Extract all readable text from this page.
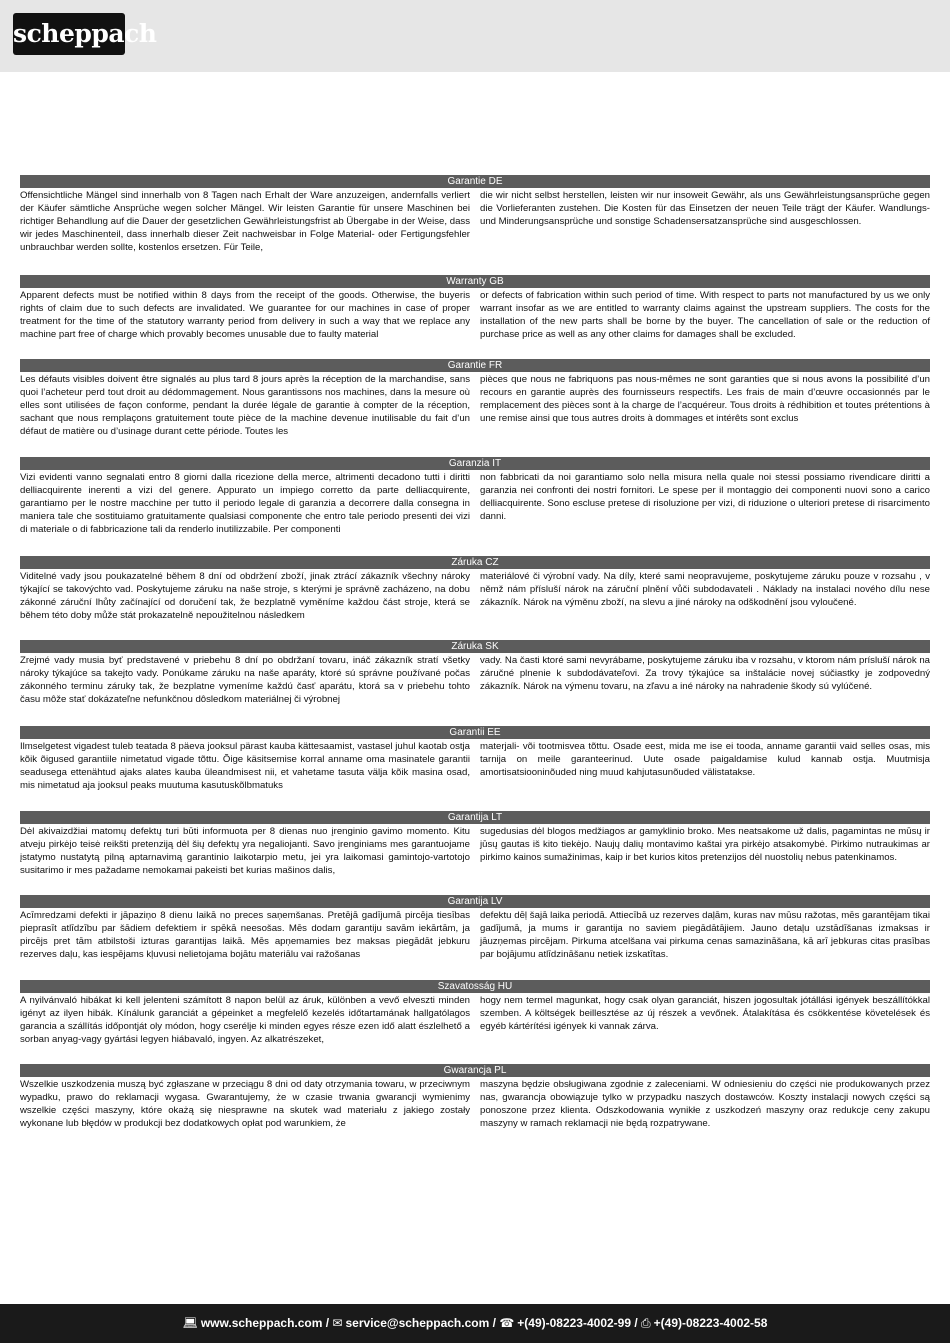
scheppach
Garantie DE

Offensichtliche Mängel sind innerhalb von 8 Tagen nach Erhalt der Ware anzuzeigen, andernfalls verliert der Käufer sämtliche Ansprüche wegen solcher Mängel. Wir leisten Garantie für unsere Maschinen bei richtiger Behandlung auf die Dauer der gesetzlichen Gewährleistungsfrist ab Übergabe in der Weise, dass wir jedes Maschinenteil, dass innerhalb dieser Zeit nachweisbar in Folge Material- oder Fertigungsfehler unbrauchbar werden sollte, kostenlos ersetzen. Für Teile,

die wir nicht selbst herstellen, leisten wir nur insoweit Gewähr, als uns Gewährleistungsansprüche gegen die Vorlieferanten zustehen. Die Kosten für das Einsetzen der neuen Teile trägt der Käufer. Wandlungs- und Minderungsansprüche und sonstige Schadensersatzansprüche sind ausgeschlossen.

Warranty GB

Apparent defects must be notified within 8 days from the receipt of the goods. Otherwise, the buyeris rights of claim due to such defects are invalidated. We guarantee for our machines in case of proper treatment for the time of the statutory warranty period from delivery in such a way that we replace any machine part free of charge which provably becomes unusable due to faulty material

or defects of fabrication within such period of time. With respect to parts not manufactured by us we only warrant insofar as we are entitled to warranty claims against the upstream suppliers. The costs for the installation of the new parts shall be borne by the buyer. The cancellation of sale or the reduction of purchase price as well as any other claims for damages shall be excluded.

Garantie FR

Les défauts visibles doivent être signalés au plus tard 8 jours après la réception de la marchandise, sans quoi l’acheteur perd tout droit au dédommagement. Nous garantissons nos machines, dans la mesure où elles sont utilisées de façon conforme, pendant la durée légale de garantie à compter de la réception, sachant que nous remplaçons gratuitement toute pièce de la machine devenue inutilisable du fait d’un défaut de matière ou d’usinage durant cette période. Toutes les

pièces que nous ne fabriquons pas nous-mêmes ne sont garanties que si nous avons la possibilité d’un recours en garantie auprès des fournisseurs respectifs. Les frais de main d’œuvre occasionnés par le remplacement des pièces sont à la charge de l’acquéreur. Tous droits à rédhibition et toutes prétentions à une remise ainsi que tous autres droits à dommages et intérêts sont exclus

Garanzia IT

Vizi evidenti vanno segnalati entro 8 giorni dalla ricezione della merce, altrimenti decadono tutti i diritti delliacquirente inerenti a vizi del genere. Appurato un impiego corretto da parte delliacquirente, garantiamo per le nostre macchine per tutto il periodo legale di garanzia a decorrere dalla consegna in maniera tale che sostituiamo gratuitamente qualsiasi componente che entro tale periodo presenti dei vizi di materiale o di fabbricazione tali da renderlo inutilizzabile. Per componenti

non fabbricati da noi garantiamo solo nella misura nella quale noi stessi possiamo rivendicare diritti a garanzia nei confronti dei nostri fornitori. Le spese per il montaggio dei componenti nuovi sono a carico delliacquirente. Sono escluse pretese di risoluzione per vizi, di riduzione o ulteriori pretese di risarcimento danni.

Záruka CZ

Viditelné vady jsou poukazatelné během 8 dní od obdržení zboží, jinak ztrácí zákazník všechny nároky týkající se takovýchto vad. Poskytujeme záruku na naše stroje, s kterými je správně zacházeno, na dobu zákonné záruční lhůty začínající od doručení tak, že bezplatně vyměníme každou část stroje, která se během této doby může stát prokazatelně nepoužitelnou následkem

materiálové či výrobní vady. Na díly, které sami neopravujeme, poskytujeme záruku pouze v rozsahu , v němž nám přísluší nárok na záruční plnění vůči subdodavateli . Náklady na instalaci nového dílu nese zákazník. Nárok na výměnu zboží, na slevu a jiné nároky na odškodnění jsou vyloučené.

Záruka SK

Zrejmé vady musia byť predstavené v priebehu 8 dní po obdržaní tovaru, ináč zákazník stratí všetky nároky týkajúce sa takejto vady. Ponúkame záruku na naše aparáty, ktoré sú správne používané počas zákonného terminu záruky tak, že bezplatne vymeníme každú časť aparátu, ktorá sa v priebehu tohto času môže stať dokázateľne nefunkčnou dôsledkom materiálnej či výrobnej

vady. Na časti ktoré sami nevyrábame, poskytujeme záruku iba v rozsahu, v ktorom nám prísluší nárok na záručné plnenie k subdodávateľovi. Za trovy týkajúce sa inštalácie novej súčiastky je zodpovedný zákazník. Nárok na výmenu tovaru, na zľavu a iné nároky na nahradenie škody sú vylúčené.

Garantii EE

Ilmselgetest vigadest tuleb teatada 8 päeva jooksul pärast kauba kättesaamist, vastasel juhul kaotab ostja kõik õigused garantiile nimetatud vigade tõttu. Õige käsitsemise korral anname oma masinatele garantii seadusega ettenähtud ajaks alates kauba üleandmisest nii, et vahetame tasuta välja kõik masina osad, mis nimetatud aja jooksul peaks muutuma kasutuskõlbmatuks

materjali- või tootmisvea tõttu. Osade eest, mida me ise ei tooda, anname garantii vaid selles osas, mis tarnija on meile garanteerinud. Uute osade paigaldamise kulud kannab ostja. Muutmisja amortisatsiooninõuded ning muud kahjutasunõuded välistatakse.

Garantija LT

Dėl akivaizdžiai matomų defektų turi būti informuota per 8 dienas nuo įrenginio gavimo momento. Kitu atveju pirkėjo teisė reikšti pretenziją dėl šių defektų yra negaliojanti. Savo įrenginiams mes garantuojame įstatymo nustatytą pilną aptarnavimą garantinio laikotarpio metu, jei yra laikomasi gamintojo-vartotojo susitarimo ir mes pažadame nemokamai pakeisti bet kurias mašinos dalis,

sugedusias dėl blogos medžiagos ar gamyklinio broko. Mes neatsakome už dalis, pagamintas ne mūsų ir jūsų gautas iš kito tiekėjo. Naujų dalių montavimo kaštai yra pirkėjo atsakomybė. Pirkimo nutraukimas ar pirkimo kainos sumažinimas, kaip ir bet kurios kitos pretenzijos dėl nuostolių nebus patenkinamos.

Garantija LV

Acīmredzami defekti ir jāpaziņo 8 dienu laikā no preces saņemšanas. Pretējā gadījumā pircēja tiesības pieprasīt atlīdzību par šādiem defektiem ir spēkā neesošas. Mēs dodam garantiju savām iekārtām, ja pircējs pret tām atbilstoši izturas garantijas laikā. Mēs apņemamies bez maksas piegādāt jebkuru rezerves daļu, kas iespējams kļuvusi nelietojama bojātu materiālu vai ražošanas

defektu dēļ šajā laika periodā. Attiecībā uz rezerves daļām, kuras nav mūsu ražotas, mēs garantējam tikai gadījumā, ja mums ir garantija no saviem piegādātājiem. Jauno detaļu uzstādīšanas izmaksas ir jāuzņemas pircējam. Pirkuma atcelšana vai pirkuma cenas samazināšana, kā arī jebkuras citas prasības par bojājumu atlīdzināšanu netiek izskatītas.

Szavatosság HU

A nyilvánvaló hibákat ki kell jelenteni számított 8 napon belül az áruk, különben a vevő elveszti minden igényt az ilyen hibák. Kínálunk garanciát a gépeinket a megfelelő kezelés időtartamának hallgatólagos garancia a szállítás időpontját oly módon, hogy cserélje ki minden egyes része ezen idő alatt észlelhető a sorban anyag-vagy gyártási legyen hiábavaló, ingyen. Az alkatrészeket,

hogy nem termel magunkat, hogy csak olyan garanciát, hiszen jogosultak jótállási igények beszállítókkal szemben. A költségek beillesztése az új részek a vevőnek. Átalakítása és csökkentése követelések és egyéb kártérítési igények ki vannak zárva.

Gwarancja PL

Wszelkie uszkodzenia muszą być zgłaszane w przeciągu 8 dni od daty otrzymania towaru, w przeciwnym wypadku, prawo do reklamacji wygasa. Gwarantujemy, że w czasie trwania gwarancji wymienimy wszelkie części maszyny, które okażą się niesprawne na skutek wad materiału z jakiego zostały wykonane lub błędów w produkcji bez dodatkowych opłat pod warunkiem, że

maszyna będzie obsługiwana zgodnie z zaleceniami. W odniesieniu do części nie produkowanych przez nas, gwarancja obowiązuje tylko w przypadku naszych dostawców. Koszty instalacji nowych części są ponoszone przez klienta. Odszkodowania wynikłe z uszkodzeń maszyny oraz redukcje ceny zakupu maszyny w ramach reklamacji nie będą rozpatrywane.

💻︎ www.scheppach.com / ✉︎ service@scheppach.com / ☎︎ +(49)-08223-4002-99 / ⎙ +(49)-08223-4002-58
